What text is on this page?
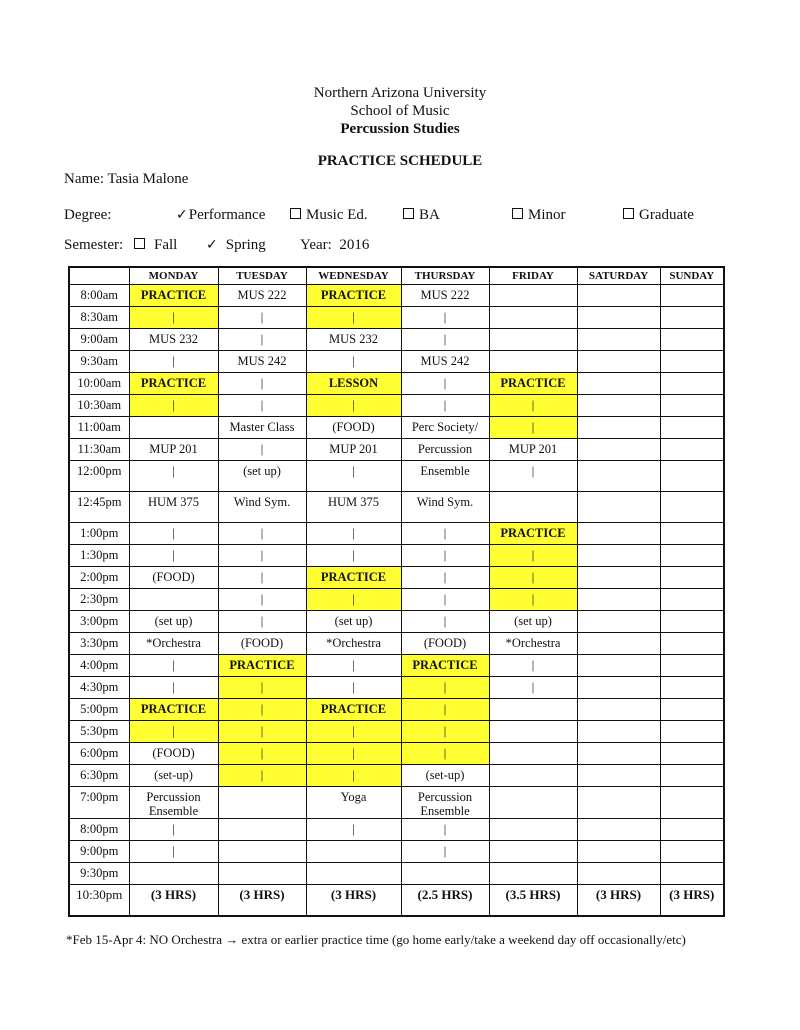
Northern Arizona University
School of Music
Percussion Studies
PRACTICE SCHEDULE
Name: Tasia Malone
Degree:	✓Performance	Music Ed.	BA	Minor	Graduate
Semester:	Fall ✓ Spring Year: 2016
	MONDAY	TUESDAY	WEDNESDAY	THURSDAY	FRIDAY	SATURDAY	SUNDAY

8:00am	PRACTICE	MUS 222	PRACTICE	MUS 222			

8:30am	|	|	|	|			

9:00am	MUS 232	|	MUS 232	|			

9:30am	|	MUS 242	|	MUS 242			

10:00am	PRACTICE	|	LESSON	|	PRACTICE		

10:30am	|	|	|	|	|		

11:00am		Master Class	(FOOD)	Perc Society/	|		

11:30am	MUP 201	|	MUP 201	Percussion	MUP 201		

12:00pm	|	(set up)	|	Ensemble	|		

12:45pm	HUM 375	Wind Sym.	HUM 375	Wind Sym.			

1:00pm	|	|	|	|	PRACTICE		

1:30pm	|	|	|	|	|		

2:00pm	(FOOD)	|	PRACTICE	|	|		

2:30pm		|	|	|	|		

3:00pm	(set up)	|	(set up)	|	(set up)		

3:30pm	*Orchestra	(FOOD)	*Orchestra	(FOOD)	*Orchestra		

4:00pm	|	PRACTICE	|	PRACTICE	|		

4:30pm	|	|	|	|	|		

5:00pm	PRACTICE	|	PRACTICE	|			

5:30pm	|	|	|	|			

6:00pm	(FOOD)	|	|	|			

6:30pm	(set-up)	|	|	(set-up)			

7:00pm	Percussion Ensemble		Yoga	Percussion Ensemble			

8:00pm	|		|	|			

9:00pm	|			|			

9:30pm							

10:30pm	(3 HRS)	(3 HRS)	(3 HRS)	(2.5 HRS)	(3.5 HRS)	(3 HRS)	(3 HRS)
*Feb 15-Apr 4: NO Orchestra → extra or earlier practice time (go home early/take a weekend day off occasionally/etc)
